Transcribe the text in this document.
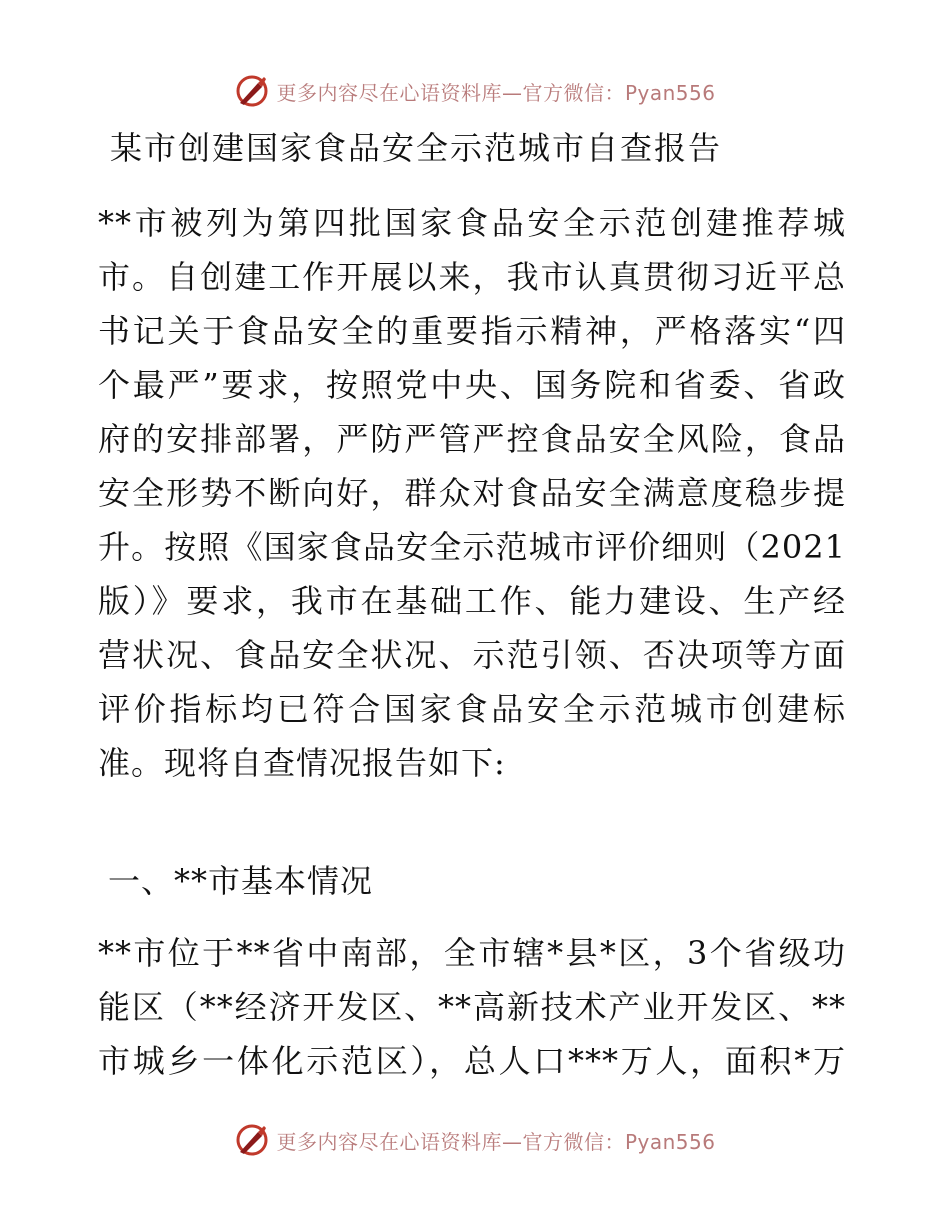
更多内容尽在心语资料库—官方微信：Pyan556
某市创建国家食品安全示范城市自查报告
**市被列为第四批国家食品安全示范创建推荐城
市。自创建工作开展以来，我市认真贯彻习近平总
书记关于食品安全的重要指示精神，严格落实“四
个最严”要求，按照党中央、国务院和省委、省政
府的安排部署，严防严管严控食品安全风险，食品
安全形势不断向好，群众对食品安全满意度稳步提
升。按照《国家食品安全示范城市评价细则（2021
版）》要求，我市在基础工作、能力建设、生产经
营状况、食品安全状况、示范引领、否决项等方面
评价指标均已符合国家食品安全示范城市创建标
准。现将自查情况报告如下:
一、**市基本情况
**市位于**省中南部，全市辖*县*区，3个省级功
能区（**经济开发区、**高新技术产业开发区、**
市城乡一体化示范区），总人口***万人，面积*万
更多内容尽在心语资料库—官方微信：Pyan556
